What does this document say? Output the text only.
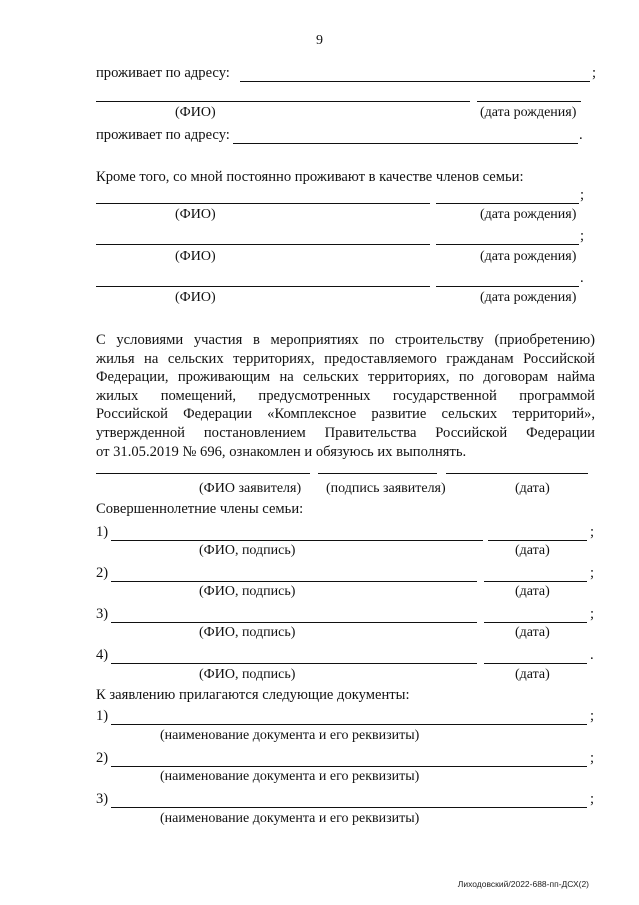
9
проживает по адресу:	;
(ФИО)	(дата рождения)
проживает по адресу:	.
Кроме того, со мной постоянно проживают в качестве членов семьи:
;
(ФИО)	(дата рождения)
;
(ФИО)	(дата рождения)
.
(ФИО)	(дата рождения)
С условиями участия в мероприятиях по строительству (приобретению)
жилья на сельских территориях, предоставляемого гражданам Российской
Федерации, проживающим на сельских территориях, по договорам найма
жилых помещений, предусмотренных государственной программой
Российской Федерации «Комплексное развитие сельских территорий»,
утвержденной постановлением Правительства Российской Федерации
от 31.05.2019 № 696, ознакомлен и обязуюсь их выполнять.
(ФИО заявителя) (подпись заявителя)	(дата)
Совершеннолетние члены семьи:
1)	;
(ФИО, подпись)	(дата)
2)	;
(ФИО, подпись)	(дата)
3)	;
(ФИО, подпись)	(дата)
4)	.
(ФИО, подпись)	(дата)
К заявлению прилагаются следующие документы:
1)	;
(наименование документа и его реквизиты)
2)	;
(наименование документа и его реквизиты)
3)	;
(наименование документа и его реквизиты)
Лиходовский/2022-688-пп-ДСХ(2)
